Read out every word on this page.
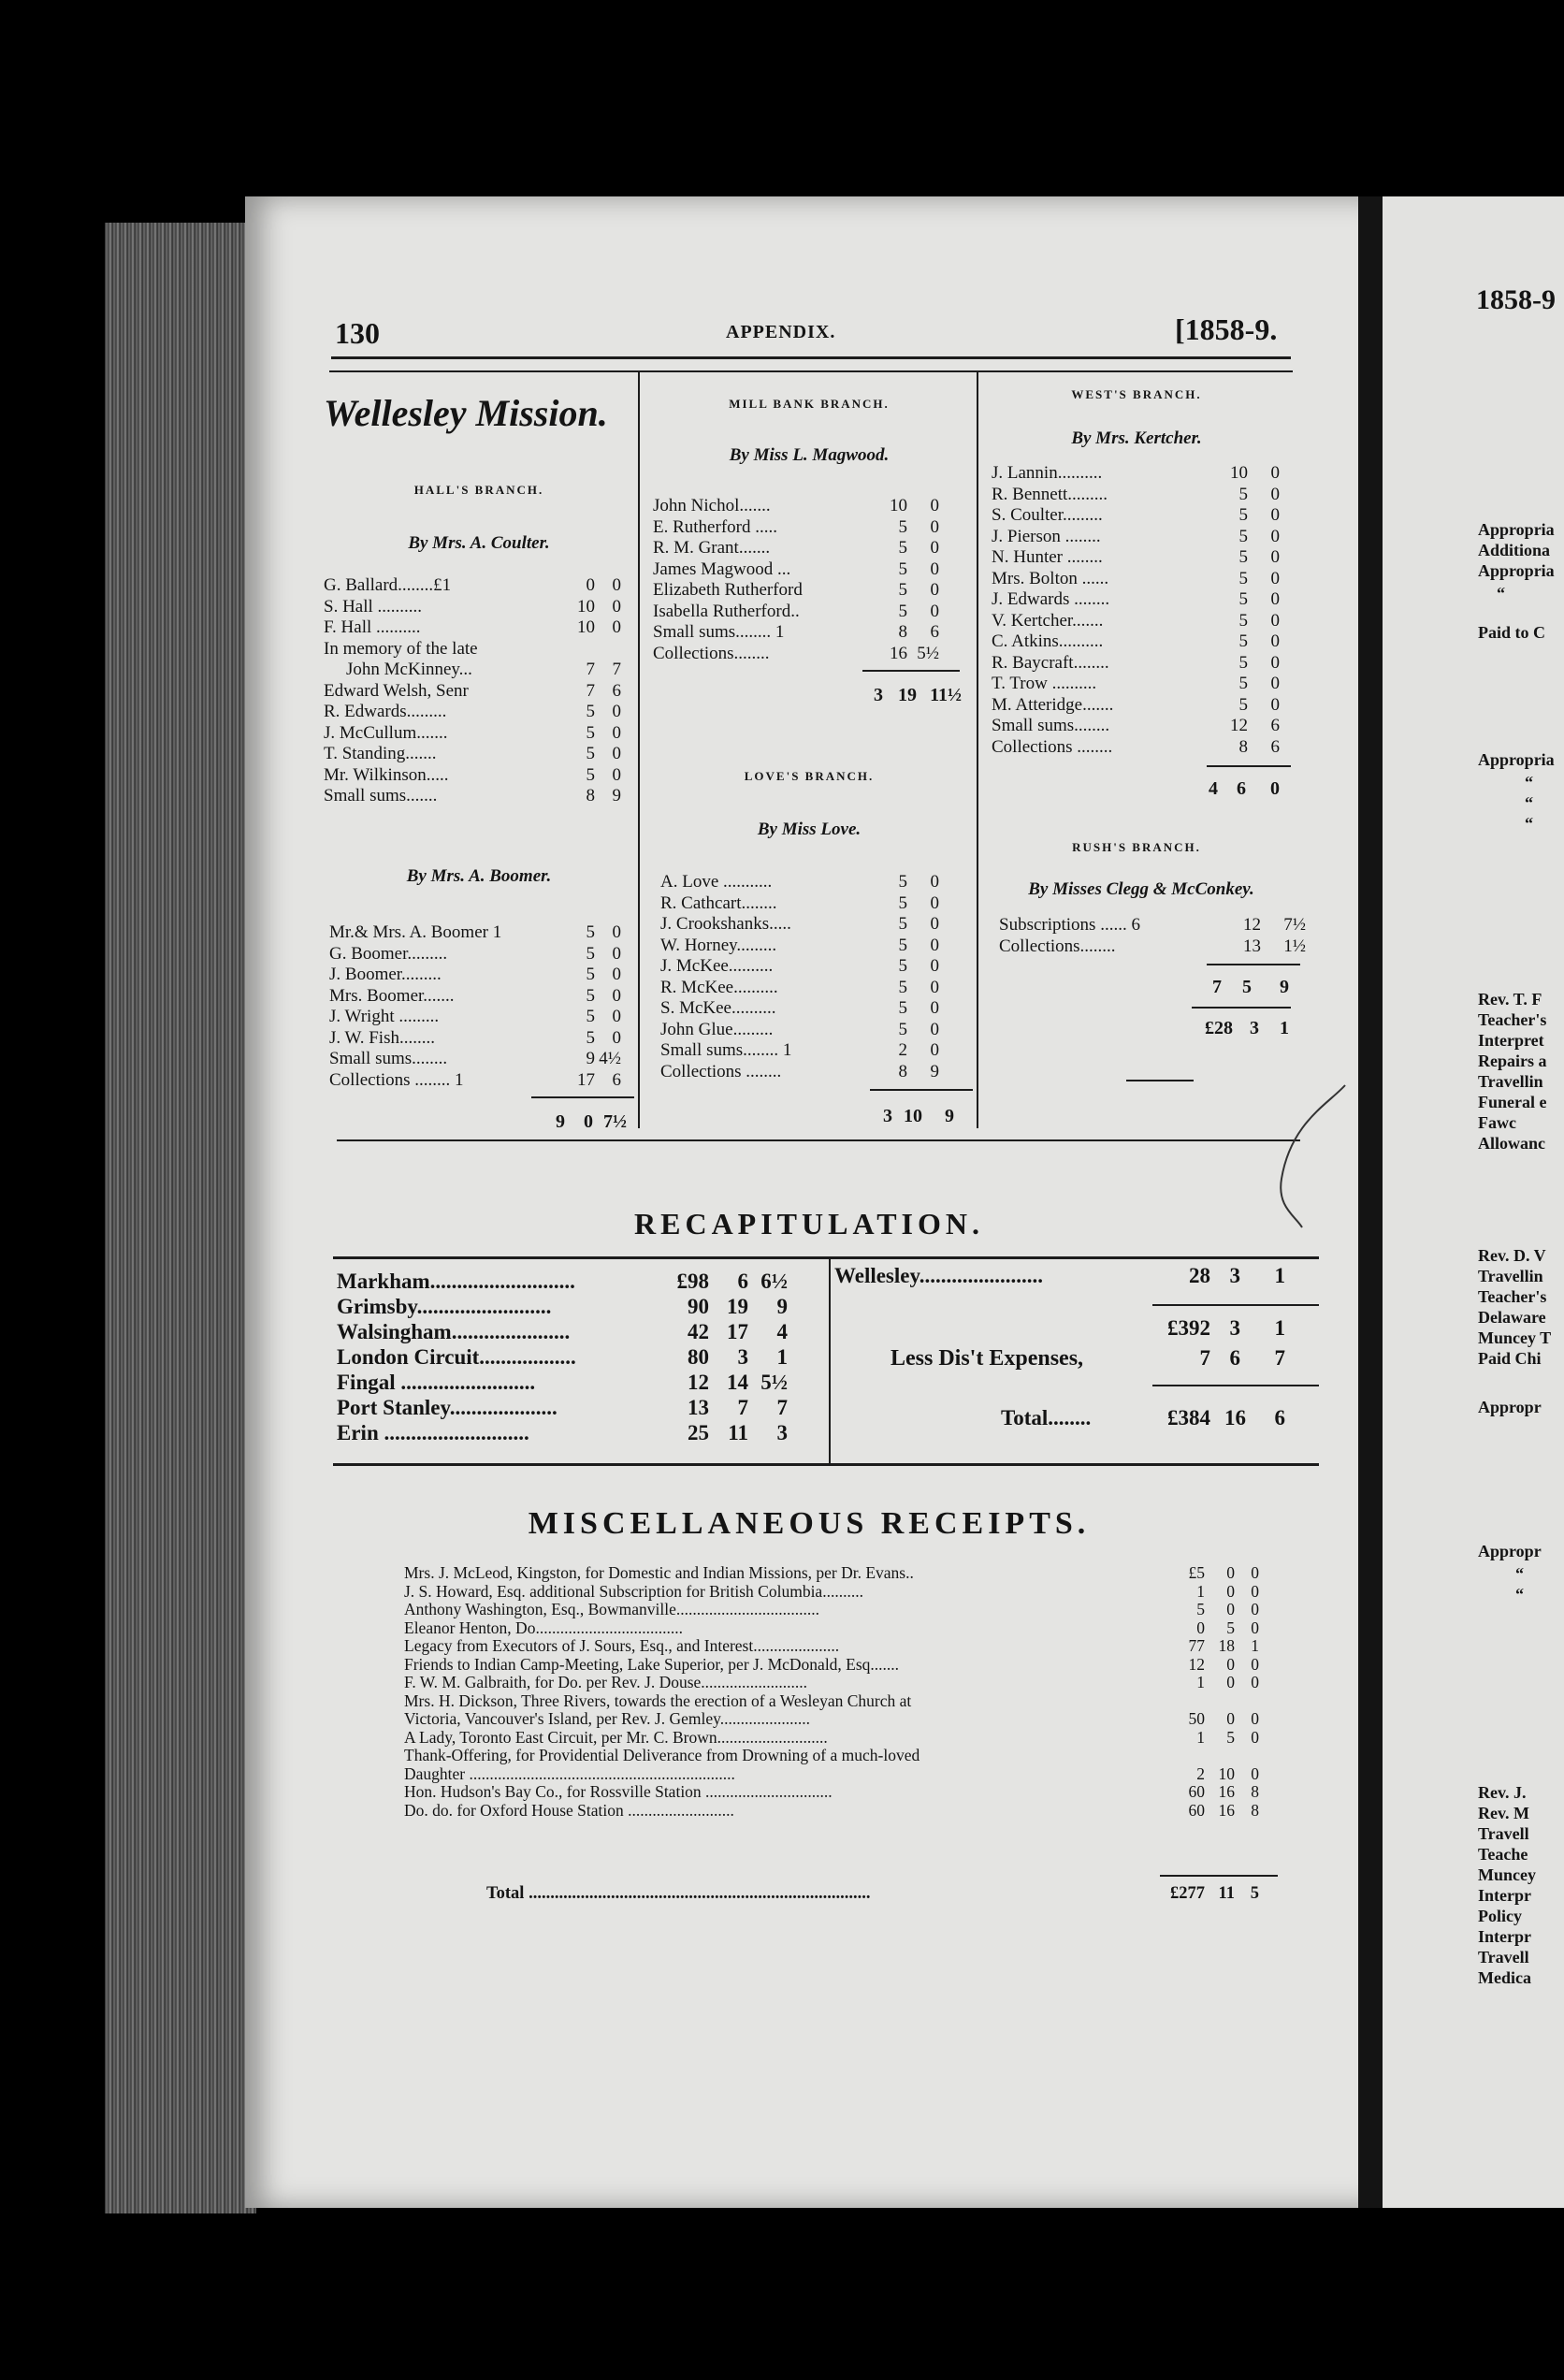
130	APPENDIX.	[1858-9.
1858-9
Wellesley Mission.
HALL'S BRANCH.
By Mrs. A. Coulter.
G. Ballard........£1	0 0
S. Hall ..........	10 0
F. Hall ..........	10 0
In memory of the late
John McKinney...	7 7
Edward Welsh, Senr	7 6
R. Edwards.........	5 0
J. McCullum.......	5 0
T. Standing.......	5 0
Mr. Wilkinson.....	5 0
Small sums.......	8 9
By Mrs. A. Boomer.
Mr.& Mrs. A. Boomer 1	5 0
G. Boomer.........	5 0
J. Boomer.........	5 0
Mrs. Boomer.......	5 0
J. Wright .........	5 0
J. W. Fish........	5 0
Small sums........	9 4½
Collections ........ 1	17 6
9 0 7½
MILL BANK BRANCH.
By Miss L. Magwood.
John Nichol.......	10 0
E. Rutherford .....	5 0
R. M. Grant.......	5 0
James Magwood ...	5 0
Elizabeth Rutherford	5 0
Isabella Rutherford..	5 0
Small sums........ 1	8 6
Collections........	16 5½
3 19 11½
LOVE'S BRANCH.
By Miss Love.
A. Love ...........	5 0
R. Cathcart........	5 0
J. Crookshanks.....	5 0
W. Horney.........	5 0
J. McKee..........	5 0
R. McKee..........	5 0
S. McKee..........	5 0
John Glue.........	5 0
Small sums........ 1	2 0
Collections ........	8 9
3 10 9
WEST'S BRANCH.
By Mrs. Kertcher.
J. Lannin..........	10 0
R. Bennett.........	5 0
S. Coulter.........	5 0
J. Pierson ........	5 0
N. Hunter ........	5 0
Mrs. Bolton ......	5 0
J. Edwards ........	5 0
V. Kertcher.......	5 0
C. Atkins..........	5 0
R. Baycraft........	5 0
T. Trow ..........	5 0
M. Atteridge.......	5 0
Small sums........	12 6
Collections ........	8 6
4 6 0
RUSH'S BRANCH.
By Misses Clegg & McConkey.
Subscriptions ...... 6	12 7½
Collections........	13 1½
7 5 9
£28 3 1
RECAPITULATION.
Markham...........................	£98 6 6½
Grimsby.........................	90 19 9
Walsingham......................	42 17 4
London Circuit..................	80 3 1
Fingal .........................	12 14 5½
Port Stanley....................	13 7 7
Erin ...........................	25 11 3
Wellesley.......................	28 3 1
£392 3 1
Less Dis't Expenses,	7 6 7
Total........	£384 16 6
MISCELLANEOUS RECEIPTS.
Mrs. J. McLeod, Kingston, for Domestic and Indian Missions, per Dr. Evans..	£5 0 0
J. S. Howard, Esq. additional Subscription for British Columbia..........	1 0 0
Anthony Washington, Esq., Bowmanville...................................	5 0 0
Eleanor Henton, Do....................................	0 5 0
Legacy from Executors of J. Sours, Esq., and Interest.....................	77 18 1
Friends to Indian Camp-Meeting, Lake Superior, per J. McDonald, Esq.......	12 0 0
F. W. M. Galbraith, for Do. per Rev. J. Douse..........................	1 0 0
Mrs. H. Dickson, Three Rivers, towards the erection of a Wesleyan Church at
Victoria, Vancouver's Island, per Rev. J. Gemley......................	50 0 0
A Lady, Toronto East Circuit, per Mr. C. Brown...........................	1 5 0
Thank-Offering, for Providential Deliverance from Drowning of a much-loved
Daughter .................................................................	2 10 0
Hon. Hudson's Bay Co., for Rossville Station ...............................	60 16 8
Do. do. for Oxford House Station ..........................	60 16 8
Total ...............................................................................	£277 11 5
Appropria
Additiona
Appropria
“
Paid to C
Appropria
“
“
“
Rev. T. F
Teacher's
Interpret
Repairs a
Travellin
Funeral e
Fawc
Allowanc
Rev. D. V
Travellin
Teacher's
Delaware
Muncey T
Paid Chi
Appropr
Appropr
“
“
Rev. J.
Rev. M
Travell
Teache
Muncey
Interpr
Policy
Interpr
Travell
Medica
